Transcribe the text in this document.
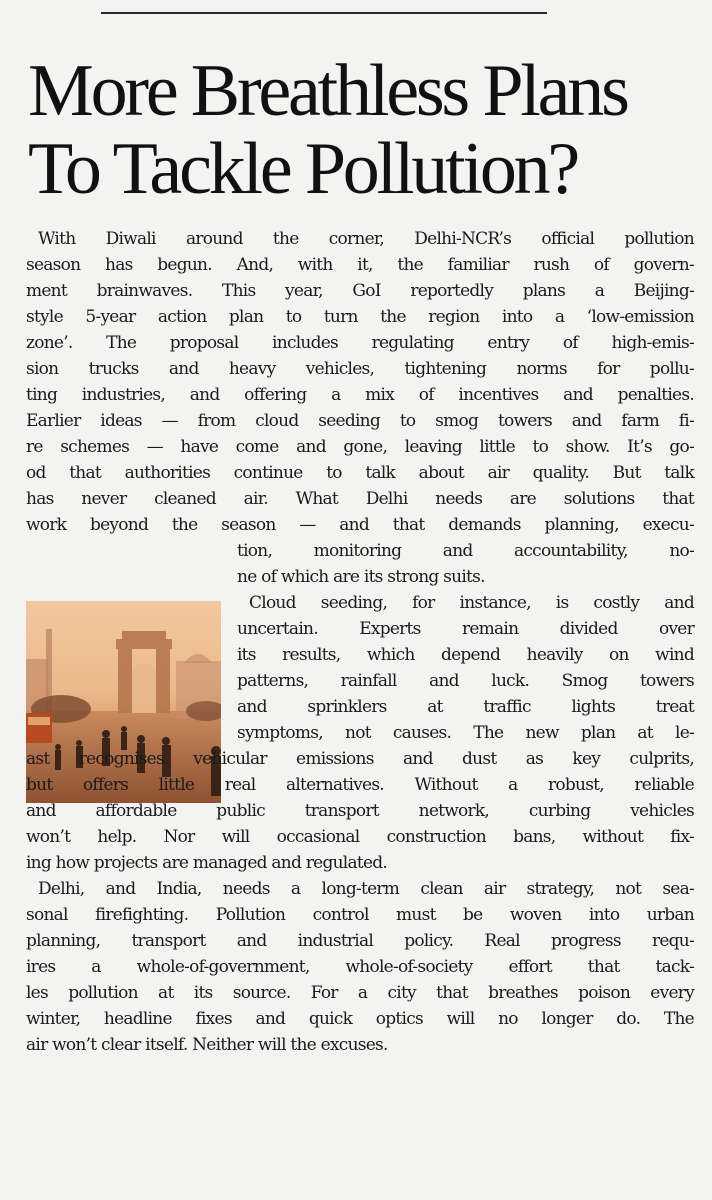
More Breathless Plans
To Tackle Pollution?
With Diwali around the corner, Delhi-NCR’s official pollution
season has begun. And, with it, the familiar rush of govern-
ment brainwaves. This year, GoI reportedly plans a Beijing-
style 5-year action plan to turn the region into a ‘low-emission
zone’. The proposal includes regulating entry of high-emis-
sion trucks and heavy vehicles, tightening norms for pollu-
ting industries, and offering a mix of incentives and penalties.
Earlier ideas — from cloud seeding to smog towers and farm fi-
re schemes — have come and gone, leaving little to show. It’s go-
od that authorities continue to talk about air quality. But talk
has never cleaned air. What Delhi needs are solutions that
work beyond the season — and that demands planning, execu-
tion, monitoring and accountability, no-
ne of which are its strong suits.
Cloud seeding, for instance, is costly and
uncertain. Experts remain divided over
its results, which depend heavily on wind
patterns, rainfall and luck. Smog towers
and sprinklers at traffic lights treat
symptoms, not causes. The new plan at le-
ast recognises vehicular emissions and dust as key culprits,
but offers little real alternatives. Without a robust, reliable
and affordable public transport network, curbing vehicles
won’t help. Nor will occasional construction bans, without fix-
ing how projects are managed and regulated.
Delhi, and India, needs a long-term clean air strategy, not sea-
sonal firefighting. Pollution control must be woven into urban
planning, transport and industrial policy. Real progress requ-
ires a whole-of-government, whole-of-society effort that tack-
les pollution at its source. For a city that breathes poison every
winter, headline fixes and quick optics will no longer do. The
air won’t clear itself. Neither will the excuses.
